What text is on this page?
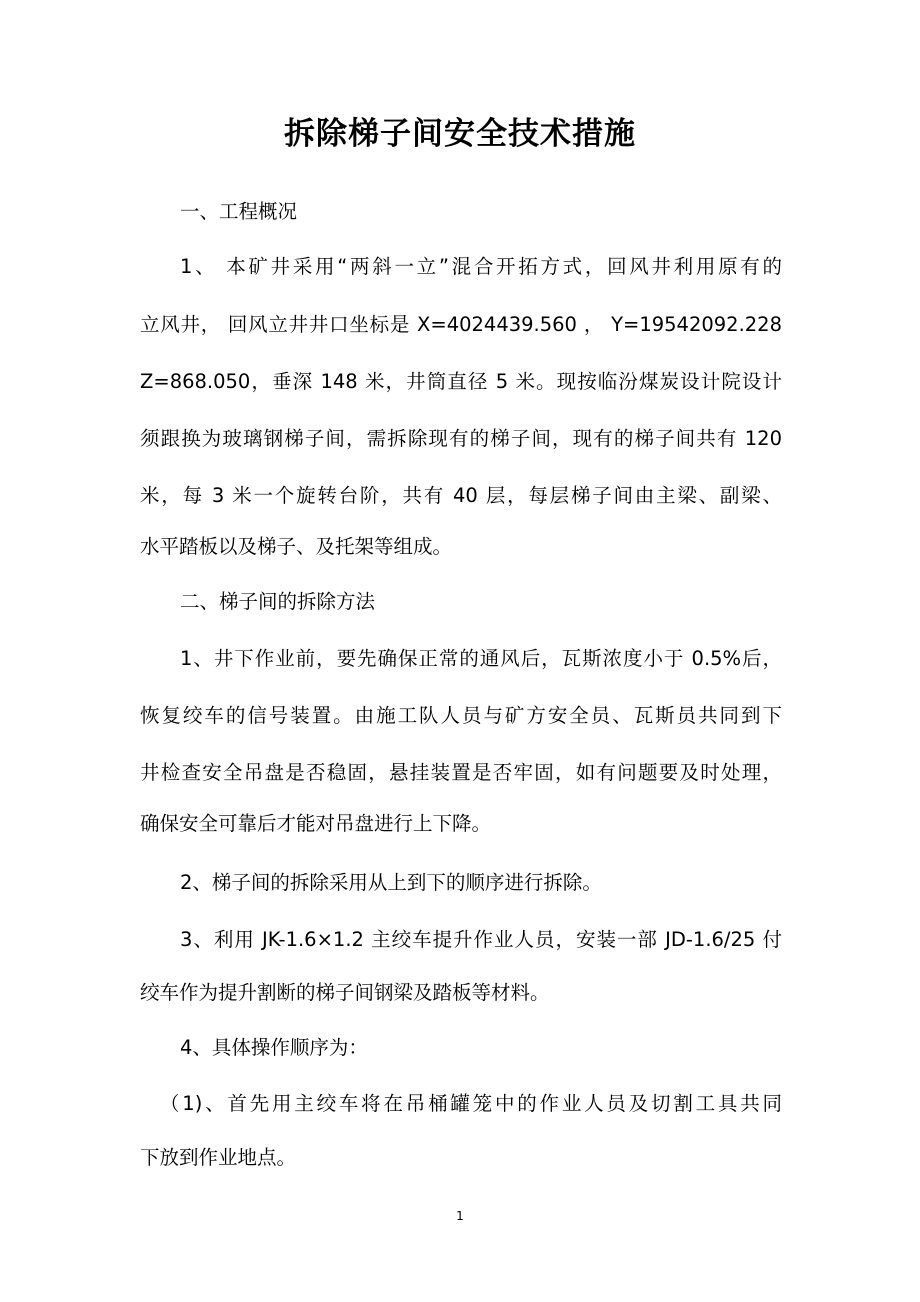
拆除梯子间安全技术措施
一、工程概况
1、 本矿井采用“两斜一立”混合开拓方式，回风井利用原有的
立风井， 回风立井井口坐标是 X=4024439.560 ， Y=19542092.228
Z=868.050，垂深 148 米，井筒直径 5 米。现按临汾煤炭设计院设计
须跟换为玻璃钢梯子间，需拆除现有的梯子间，现有的梯子间共有 120
米，每 3 米一个旋转台阶，共有 40 层，每层梯子间由主梁、副梁、
水平踏板以及梯子、及托架等组成。
二、梯子间的拆除方法
1、井下作业前，要先确保正常的通风后，瓦斯浓度小于 0.5%后，
恢复绞车的信号装置。由施工队人员与矿方安全员、瓦斯员共同到下
井检查安全吊盘是否稳固，悬挂装置是否牢固，如有问题要及时处理，
确保安全可靠后才能对吊盘进行上下降。
2、梯子间的拆除采用从上到下的顺序进行拆除。
3、利用 JK-1.6×1.2 主绞车提升作业人员，安装一部 JD-1.6/25 付
绞车作为提升割断的梯子间钢梁及踏板等材料。
4、具体操作顺序为：
（1)、首先用主绞车将在吊桶罐笼中的作业人员及切割工具共同
下放到作业地点。
1
